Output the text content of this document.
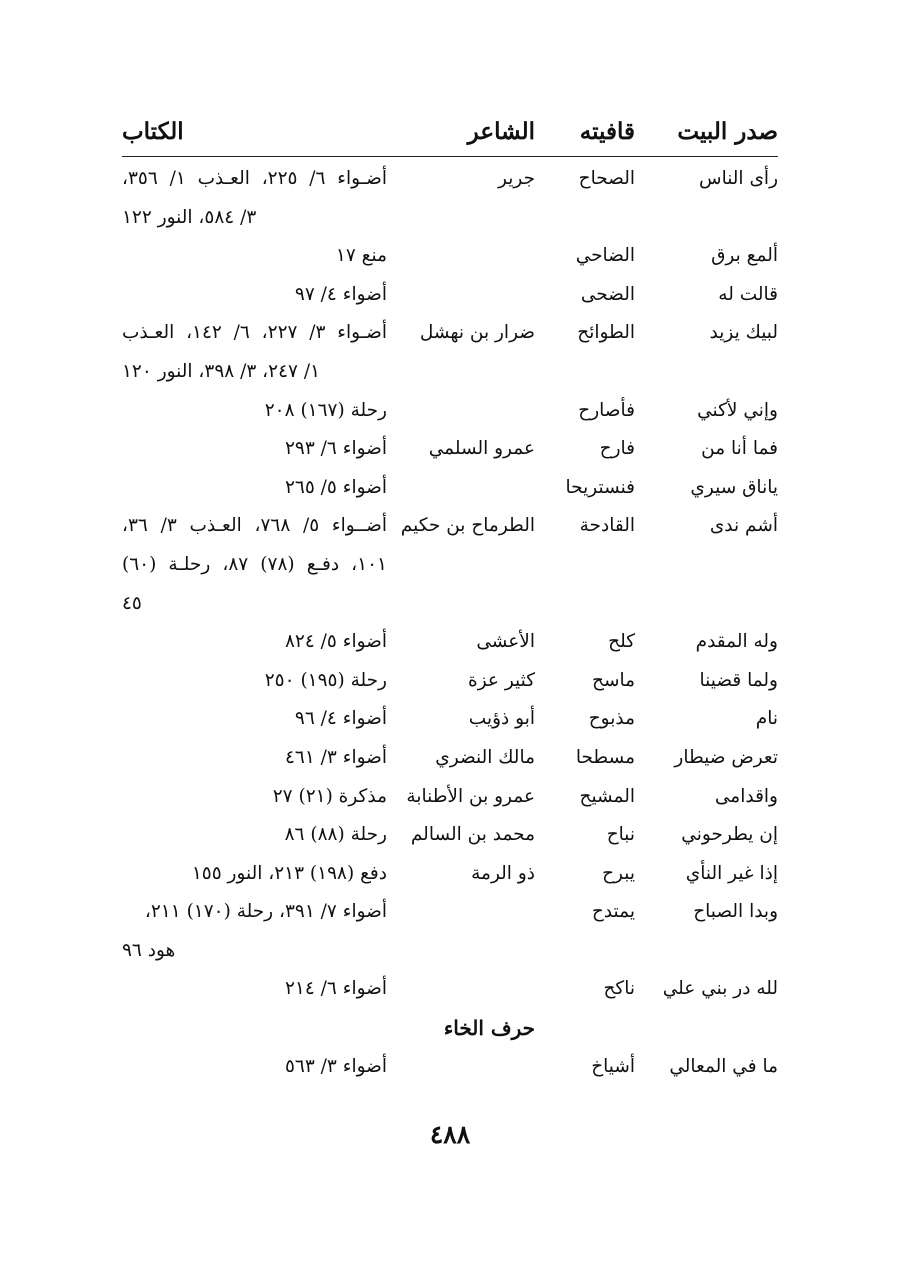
صدر البيت
قافيته
الشاعر
الكتاب
رأى الناس
الصحاح
جرير
أضـواء ٦/ ٢٢٥، العـذب ١/ ٣٥٦،
٣/ ٥٨٤، النور ١٢٢
ألمع برق
الضاحي
منع ١٧
قالت له
الضحى
أضواء ٤/ ٩٧
لبيك يزيد
الطوائح
ضرار بن نهشل
أضـواء ٣/ ٢٢٧، ٦/ ١٤٢، العـذب
١/ ٢٤٧، ٣/ ٣٩٨، النور ١٢٠
وإني لأكني
فأصارح
رحلة (١٦٧) ٢٠٨
فما أنا من
فارح
عمرو السلمي
أضواء ٦/ ٢٩٣
ياناق سيري
فنستريحا
أضواء ٥/ ٢٦٥
أشم ندى
القادحة
الطرماح بن حكيم
أضــواء ٥/ ٧٦٨، العـذب ٣/ ٣٦،
١٠١، دفـع (٧٨) ٨٧، رحلـة (٦٠)
٤٥
وله المقدم
كلح
الأعشى
أضواء ٥/ ٨٢٤
ولما قضينا
ماسح
كثير عزة
رحلة (١٩٥) ٢٥٠
نام
مذبوح
أبو ذؤيب
أضواء ٤/ ٩٦
تعرض ضيطار
مسطحا
مالك النضري
أضواء ٣/ ٤٦١
واقدامى
المشيح
عمرو بن الأطنابة
مذكرة (٢١) ٢٧
إن يطرحوني
نباح
محمد بن السالم
رحلة (٨٨) ٨٦
إذا غير النأي
يبرح
ذو الرمة
دفع (١٩٨) ٢١٣، النور ١٥٥
وبدا الصباح
يمتدح
أضواء ٧/ ٣٩١، رحلة (١٧٠) ٢١١،
هود ٩٦
لله در بني علي
ناكح
أضواء ٦/ ٢١٤
حرف الخاء
ما في المعالي
أشياخ
أضواء ٣/ ٥٦٣
٤٨٨
